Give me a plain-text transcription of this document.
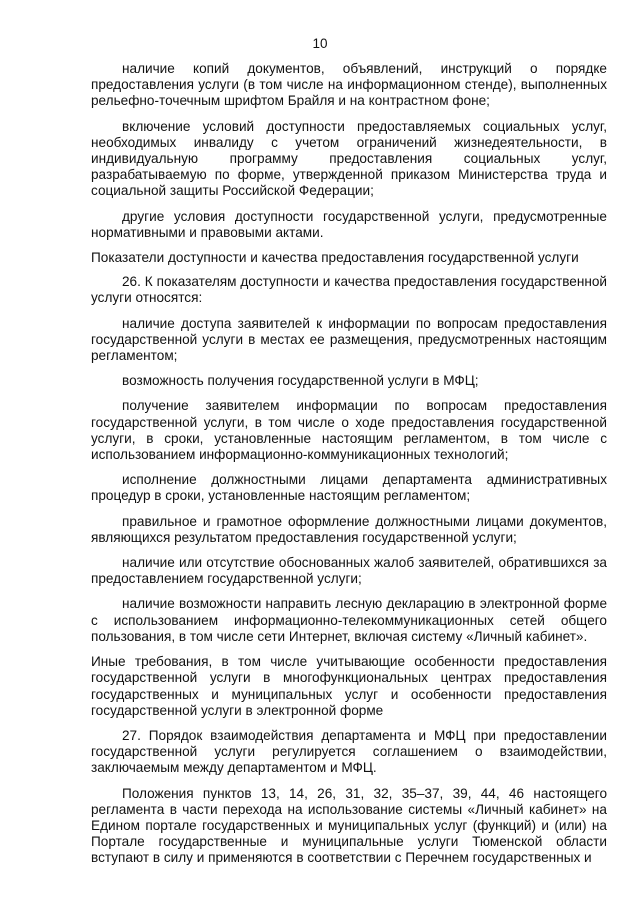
10

наличие копий документов, объявлений, инструкций о порядке предоставления услуги (в том числе на информационном стенде), выполненных рельефно-точечным шрифтом Брайля и на контрастном фоне;

включение условий доступности предоставляемых социальных услуг, необходимых инвалиду с учетом ограничений жизнедеятельности, в индивидуальную программу предоставления социальных услуг, разрабатываемую по форме, утвержденной приказом Министерства труда и социальной защиты Российской Федерации;

другие условия доступности государственной услуги, предусмотренные нормативными и правовыми актами.

Показатели доступности и качества предоставления государственной услуги

26. К показателям доступности и качества предоставления государственной услуги относятся:

наличие доступа заявителей к информации по вопросам предоставления государственной услуги в местах ее размещения, предусмотренных настоящим регламентом;

возможность получения государственной услуги в МФЦ;

получение заявителем информации по вопросам предоставления государственной услуги, в том числе о ходе предоставления государственной услуги, в сроки, установленные настоящим регламентом, в том числе с использованием информационно-коммуникационных технологий;

исполнение должностными лицами департамента административных процедур в сроки, установленные настоящим регламентом;

правильное и грамотное оформление должностными лицами документов, являющихся результатом предоставления государственной услуги;

наличие или отсутствие обоснованных жалоб заявителей, обратившихся за предоставлением государственной услуги;

наличие возможности направить лесную декларацию в электронной форме с использованием информационно-телекоммуникационных сетей общего пользования, в том числе сети Интернет, включая систему «Личный кабинет».

Иные требования, в том числе учитывающие особенности предоставления государственной услуги в многофункциональных центрах предоставления государственных и муниципальных услуг и особенности предоставления государственной услуги в электронной форме

27. Порядок взаимодействия департамента и МФЦ при предоставлении государственной услуги регулируется соглашением о взаимодействии, заключаемым между департаментом и МФЦ.

Положения пунктов 13, 14, 26, 31, 32, 35–37, 39, 44, 46 настоящего регламента в части перехода на использование системы «Личный кабинет» на Едином портале государственных и муниципальных услуг (функций) и (или) на Портале государственные и муниципальные услуги Тюменской области вступают в силу и применяются в соответствии с Перечнем государственных и
